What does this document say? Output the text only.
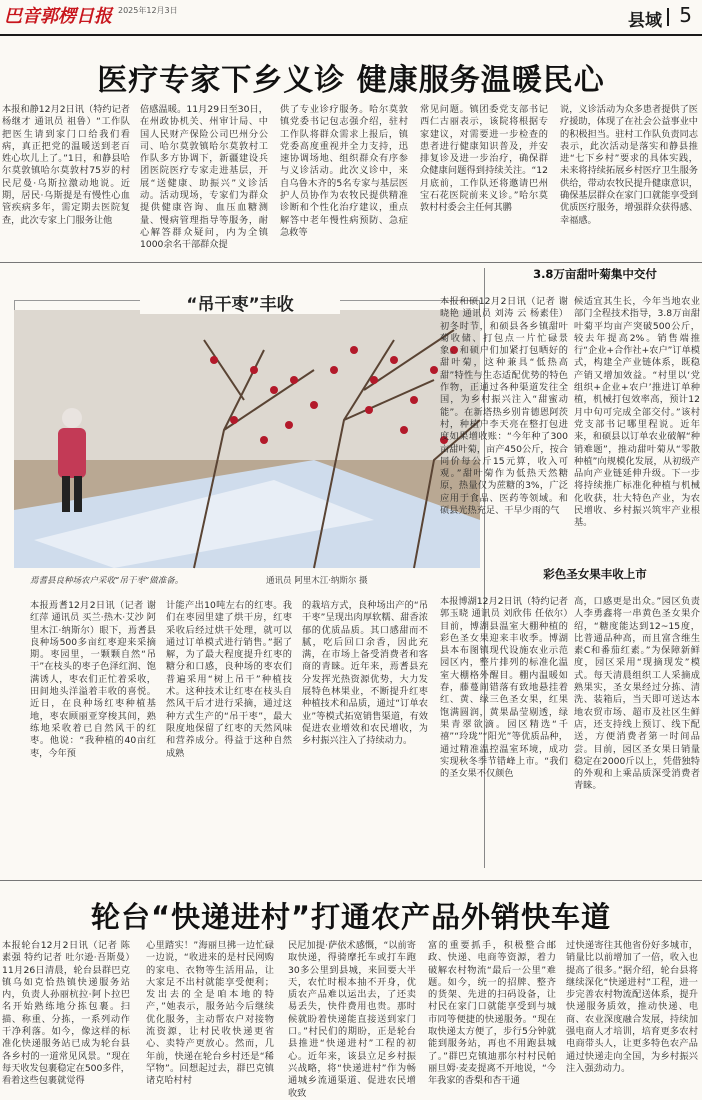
巴音郭楞日报 2025年12月3日
县域 5
医疗专家下乡义诊 健康服务温暖民心
本报和静12月2日讯（特约记者 杨继才 通讯员 祖鲁）“工作队把医生请到家门口给我们看病，真正把党的温暖送到老百姓心坎儿上了。”1日，和静县哈尔莫敦镇哈尔莫敦村75岁的村民尼曼·乌斯拉激动地说。近期，居民·乌斯提是有慢性心血管疾病多年，需定期去医院复查，此次专家上门服务让他
倍感温暖。11月29日至30日，在州政协机关、州审计局、中国人民财产保险公司巴州分公司、哈尔莫敦镇哈尔莫敦村工作队多方协调下，新疆建设兵团医院医疗专家走进基层，开展“送健康、助振兴”义诊活动。活动现场，专家们为群众提供健康咨询、血压血糖测量、慢病管理指导等服务，耐心解答群众疑问，内为全镇1000余名干部群众提
供了专业诊疗服务。哈尔莫敦镇党委书记包志强介绍，驻村工作队将群众需求上报后，镇党委高度重视并全力支持，迅速协调场地、组织群众有序参与义诊活动。此次义诊中，来自乌鲁木齐的5名专家与基层医护人员协作为农牧民提供精准诊断和个性化治疗建议，重点解答中老年慢性病预防、急症急救等
常见问题。镇团委党支部书记西仁古丽表示，该院将根据专家建议，对需要进一步检查的患者进行健康知识普及，并安排复诊及进一步治疗，确保群众健康问题得到持续关注。“12月底前，工作队还将邀请巴州宝石花医院前来义诊。”哈尔莫敦村村委会主任何其鹏
说，义诊活动为众多患者提供了医疗援助，体现了在社会公益事业中的积极担当。驻村工作队负责同志表示，此次活动是落实和静县推进“七下乡村”要求的具体实践，未来将持续拓展乡村医疗卫生服务供给，带动农牧民提升健康意识，确保基层群众在家门口就能享受到优质医疗服务，增强群众获得感、幸福感。
“吊干枣”丰收
焉耆县良种场农户采收“吊干枣”做准备。	通讯员 阿里木江·纳斯尔 摄
本报焉耆12月2日讯（记者 谢红萍 通讯员 买兰·热木·艾沙 阿里木江·纳斯尔）眼下，焉耆县良种场500多亩红枣迎来采摘期。枣园里，一颗颗自然“吊干”在枝头的枣子色泽红润、饱满诱人，枣农们正忙着采收，田间地头洋溢着丰收的喜悦。近日，在良种场红枣种植基地，枣农顾丽亚穿梭其间，熟练地采收着已自然风干的红枣。他说：“我种植的40亩红枣，今年预
计能产出10吨左右的红枣。我们在枣园里建了烘干房，红枣采收后经过烘干处理，就可以通过订单模式进行销售。”据了解，为了最大程度提升红枣的糖分和口感，良种场的枣农们普遍采用“树上吊干”种植技术。这种技术让红枣在枝头自然风干后才进行采摘，通过这种方式生产的“吊干枣”，最大限度地保留了红枣的天然风味和营养成分。得益于这种自然成熟
的栽培方式，良种场出产的“吊干枣”呈现出肉厚软糯、甜香浓郁的优质品质。其口感甜而不腻，吃后回口余香，因此充满，在市场上备受消费者和客商的青睐。近年来，焉耆县充分发挥光热资源优势，大力发展特色林果业，不断提升红枣种植技术和品质，通过“订单农业”等模式拓宽销售渠道，有效促进农业增效和农民增收，为乡村振兴注入了持续动力。
3.8万亩甜叶菊集中交付
本报和硕12月2日讯（记者 谢晓艳 通讯员 刘涛 云 杨素佳）初冬时节，和硕县各乡镇甜叶菊收储、打包点一片忙碌景象。和硕户们加紧打包晒好的甜叶菊，这种兼具“低热高甜”特性与生态适配优势的特色作物，正通过各种渠道发往全国，为乡村振兴注入“甜蜜动能”。在新塔热乡别肯德恩阿茨村，种植户李天亮在整打包进度如果增收账：“今年种了300亩甜叶菊，亩产450公斤，按合同价每公斤15元算，收入可观。”甜叶菊作为低热天然糖原，热量仅为蔗糖的3%，广泛应用于食品、医药等领域。和硕县光热充足、干早少雨的气
候适宜其生长，今年当地农业部门全程技术指导，3.8万亩甜叶菊平均亩产突破500公斤，较去年提高2%。销售端推行“企业+合作社+农户”订单模式，构建全产业链体系，既稳产销又增加效益。“村里以‘党组织+企业+农户’推进订单种植，机械打包效率高，预计12月中旬可完成全部交付。”该村党支部书记哪里程说。近年来，和硕县以订单农业破解“种销难题”，推动甜叶菊从“零散种植”向规模化发展，从初级产品向产业链延伸升级。下一步将持续推广标准化种植与机械化收获，壮大特色产业，为农民增收、乡村振兴筑牢产业根基。
彩色圣女果丰收上市
本报博湖12月2日讯（特约记者 郭玉晓 通讯员 刘欣伟 任依尔）目前，博湖县温室大棚种植的彩色圣女果迎来丰收季。博湖县本布图镇现代设施农业示范园区内，整片排列的标准化温室大棚格外醒目。棚内温暖如春，藤蔓间错落有致地悬挂着红、黄、绿三色圣女果，红果饱满圆润，黄果晶莹剔透，绿果青翠欲滴。园区精选“千禧”“玲珑”“阳光”等优质品种，通过精准温控温室环境，成功实现秋冬季节错峰上市。“我们的圣女果不仅颜色
高，口感更是出众。”园区负责人李勇鑫将一串黄色圣女果介绍，“糖度能达到12~15度，比普通品种高，而且富含维生素C和番茄红素。”为保障新鲜度，园区采用“现摘现发”模式。每天清晨组织工人采摘成熟果实，圣女果经过分拣、清洗、装箱后，当天即可送达本地农贸市场、超市及社区生鲜店，还支持线上预订、线下配送，方便消费者第一时间品尝。目前，园区圣女果日销量稳定在2000斤以上，凭借独特的外观和上乘品质深受消费者青睐。
轮台“快递进村”打通农产品外销快车道
本报轮台12月2日讯（记者 陈素强 特约记者 吐尔逊·吾斯曼）11月26日清晨，轮台县群巴克镇乌如克恰热镇快递服务站内，负责人孙丽杭拉·阿卜拉巴名开始熟练地分拣包裹。扫描、称重、分拣，一系列动作干净利落。如今，像这样的标准化快递服务站已成为轮台县各乡村的一道常见风景。“现在每天收发包裹稳定在500多件，看着这些包裹就觉得
心里踏实！”海丽旦拂一边忙碌一边说，“收进来的是村民网购的家电、衣物等生活用品，让大家足不出村就能享受便利；发出去的全是咱本地的特产，”她表示，服务站今后继续优化服务，主动帮农户对接物流资源，让村民收快递更省心、卖特产更放心。然而，几年前，快递在轮台乡村还是“稀罕物”。回想起过去，群巴克镇诸克哈村村
民尼加提·萨依术感慨，“以前寄取快递，得骑摩托车或打车跑30多公里到县城，来回要大半天，农忙时根本抽不开身，优质农产品难以运出去，了还卖易丢失，快件费用也贵。那时候就盼着快递能直接送到家门口。”村民们的期盼，正是轮台县推进“快递进村”工程的初心。近年来，该县立足乡村振兴战略，将“快递进村”作为畅通城乡流通渠道、促进农民增收致
富的重要抓手，积极整合邮政、快递、电商等资源，着力破解农村物流“最后一公里”难题。如今，统一的招牌、整齐的货架、先进的扫码设备，让村民在家门口就能享受到与城市同等便捷的快递服务。“现在取快递太方便了，步行5分钟就能到服务站，再也不用跑县城了。”群巴克镇迪那尔村村民帕丽旦姆·麦麦提离不开地说，“今年我家的香梨和杏干通
过快递寄往其他省份好多城市，销量比以前增加了一倍，收入也提高了很多。”据介绍，轮台县将继续深化“快递进村”工程，进一步完善农村物流配送体系，提升快递服务质效，推动快递、电商、农业深度融合发展，持续加强电商人才培训，培育更多农村电商带头人，让更多特色农产品通过快递走向全国，为乡村振兴注入强劲动力。
